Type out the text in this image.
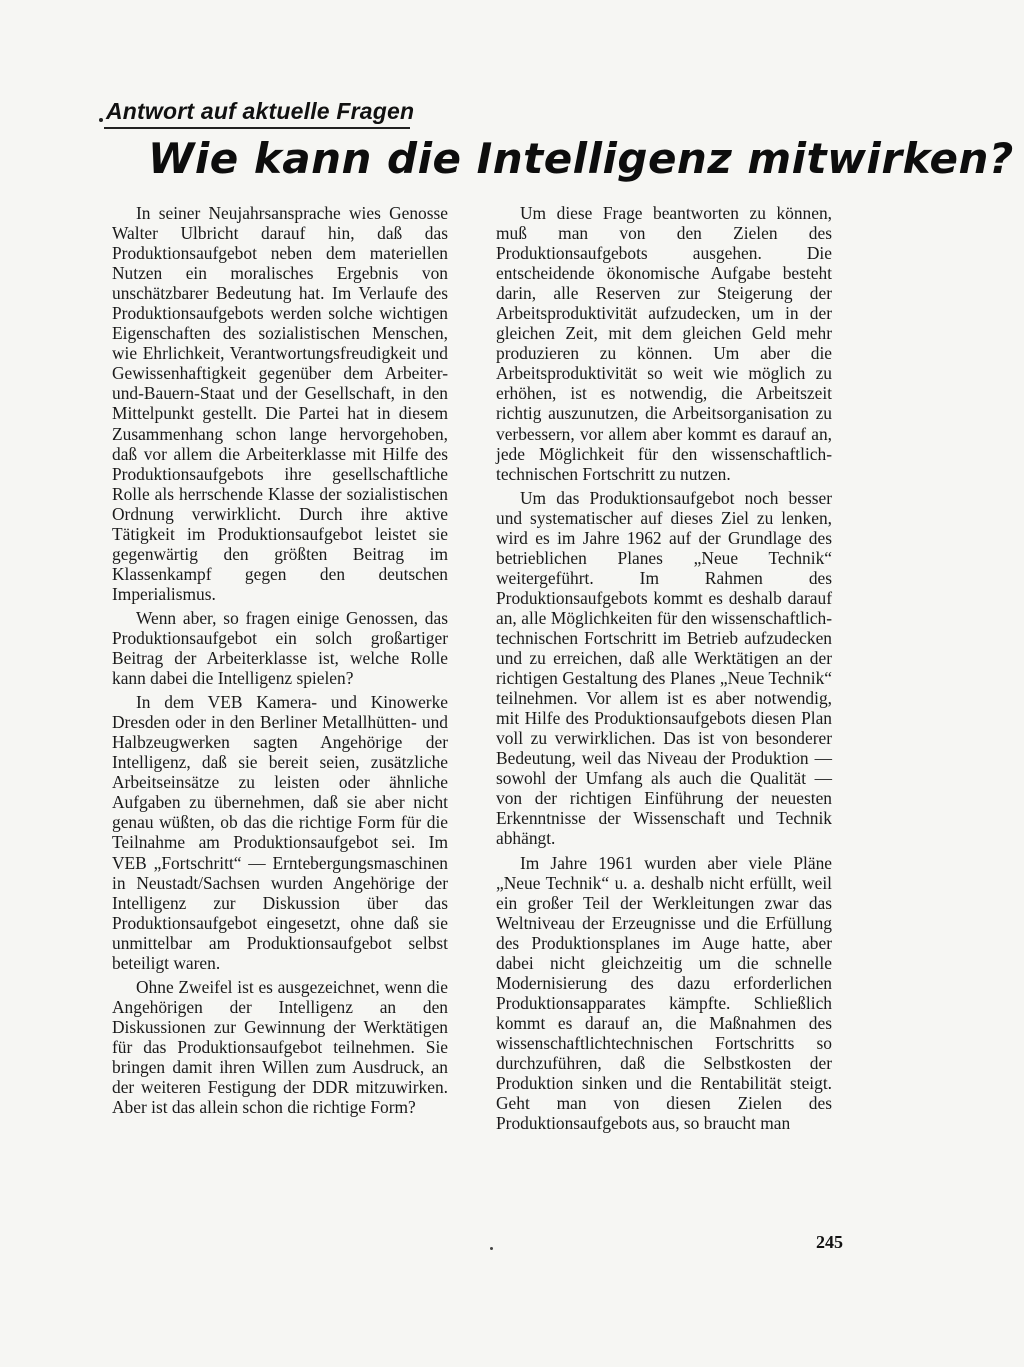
Antwort auf aktuelle Fragen
Wie kann die Intelligenz mitwirken?

In seiner Neujahrsansprache wies Genosse Walter Ulbricht darauf hin, daß das Produktionsaufgebot neben dem materiellen Nutzen ein moralisches Ergebnis von unschätzbarer Bedeutung hat. Im Verlaufe des Produktionsaufgebots werden solche wichtigen Eigenschaften des sozialistischen Menschen, wie Ehrlichkeit, Verantwortungsfreudigkeit und Gewissenhaftigkeit gegenüber dem Arbeiter-und-Bauern-Staat und der Gesellschaft, in den Mittelpunkt gestellt. Die Partei hat in diesem Zusammenhang schon lange hervorgehoben, daß vor allem die Arbeiterklasse mit Hilfe des Produktionsaufgebots ihre gesellschaftliche Rolle als herrschende Klasse der sozialistischen Ordnung verwirklicht. Durch ihre aktive Tätigkeit im Produktionsaufgebot leistet sie gegenwärtig den größten Beitrag im Klassenkampf gegen den deutschen Imperialismus.

Wenn aber, so fragen einige Genossen, das Produktionsaufgebot ein solch großartiger Beitrag der Arbeiterklasse ist, welche Rolle kann dabei die Intelligenz spielen?

In dem VEB Kamera- und Kinowerke Dresden oder in den Berliner Metallhütten- und Halbzeugwerken sagten Angehörige der Intelligenz, daß sie bereit seien, zusätzliche Arbeitseinsätze zu leisten oder ähnliche Aufgaben zu übernehmen, daß sie aber nicht genau wüßten, ob das die richtige Form für die Teilnahme am Produktionsaufgebot sei. Im VEB „Fortschritt“ — Erntebergungsmaschinen in Neustadt/Sachsen wurden Angehörige der Intelligenz zur Diskussion über das Produktionsaufgebot eingesetzt, ohne daß sie unmittelbar am Produktionsaufgebot selbst beteiligt waren.

Ohne Zweifel ist es ausgezeichnet, wenn die Angehörigen der Intelligenz an den Diskussionen zur Gewinnung der Werktätigen für das Produktionsaufgebot teilnehmen. Sie bringen damit ihren Willen zum Ausdruck, an der weiteren Festigung der DDR mitzuwirken. Aber ist das allein schon die richtige Form?

Um diese Frage beantworten zu können, muß man von den Zielen des Produktionsaufgebots ausgehen. Die entscheidende ökonomische Aufgabe besteht darin, alle Reserven zur Steigerung der Arbeitsproduktivität aufzudecken, um in der gleichen Zeit, mit dem gleichen Geld mehr produzieren zu können. Um aber die Arbeitsproduktivität so weit wie möglich zu erhöhen, ist es notwendig, die Arbeitszeit richtig auszunutzen, die Arbeitsorganisation zu verbessern, vor allem aber kommt es darauf an, jede Möglichkeit für den wissenschaftlich-technischen Fortschritt zu nutzen.

Um das Produktionsaufgebot noch besser und systematischer auf dieses Ziel zu lenken, wird es im Jahre 1962 auf der Grundlage des betrieblichen Planes „Neue Technik“ weitergeführt. Im Rahmen des Produktionsaufgebots kommt es deshalb darauf an, alle Möglichkeiten für den wissenschaftlich-technischen Fortschritt im Betrieb aufzudecken und zu erreichen, daß alle Werktätigen an der richtigen Gestaltung des Planes „Neue Technik“ teilnehmen. Vor allem ist es aber notwendig, mit Hilfe des Produktionsaufgebots diesen Plan voll zu verwirklichen. Das ist von besonderer Bedeutung, weil das Niveau der Produktion — sowohl der Umfang als auch die Qualität — von der richtigen Einführung der neuesten Erkenntnisse der Wissenschaft und Technik abhängt.

Im Jahre 1961 wurden aber viele Pläne „Neue Technik“ u. a. deshalb nicht erfüllt, weil ein großer Teil der Werkleitungen zwar das Weltniveau der Erzeugnisse und die Erfüllung des Produktionsplanes im Auge hatte, aber dabei nicht gleichzeitig um die schnelle Modernisierung des dazu erforderlichen Produktionsapparates kämpfte. Schließlich kommt es darauf an, die Maßnahmen des wissenschaftlichtechnischen Fortschritts so durchzuführen, daß die Selbstkosten der Produktion sinken und die Rentabilität steigt. Geht man von diesen Zielen des Produktionsaufgebots aus, so braucht man

245
